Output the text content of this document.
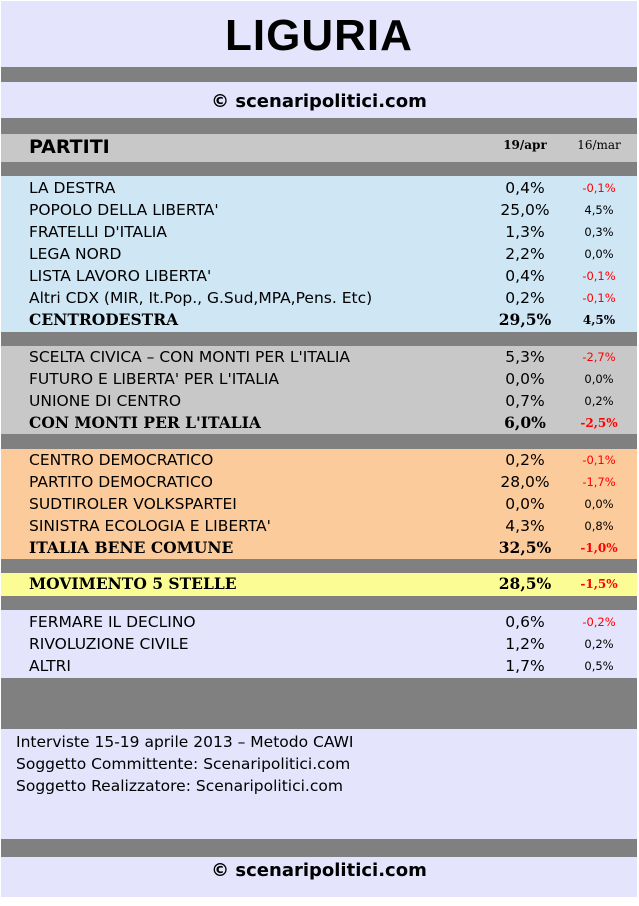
LIGURIA
© scenaripolitici.com
PARTITI	19/apr	16/mar
LA DESTRA	0,4%	-0,1%
POPOLO DELLA LIBERTA'	25,0%	4,5%
FRATELLI D'ITALIA	1,3%	0,3%
LEGA NORD	2,2%	0,0%
LISTA LAVORO LIBERTA'	0,4%	-0,1%
Altri CDX (MIR, It.Pop., G.Sud,MPA,Pens. Etc)	0,2%	-0,1%
CENTRODESTRA	29,5%	4,5%
SCELTA CIVICA – CON MONTI PER L'ITALIA	5,3%	-2,7%
FUTURO E LIBERTA' PER L'ITALIA	0,0%	0,0%
UNIONE DI CENTRO	0,7%	0,2%
CON MONTI PER L'ITALIA	6,0%	-2,5%
CENTRO DEMOCRATICO	0,2%	-0,1%
PARTITO DEMOCRATICO	28,0%	-1,7%
SUDTIROLER VOLKSPARTEI	0,0%	0,0%
SINISTRA ECOLOGIA E LIBERTA'	4,3%	0,8%
ITALIA BENE COMUNE	32,5%	-1,0%
MOVIMENTO 5 STELLE	28,5%	-1,5%
FERMARE IL DECLINO	0,6%	-0,2%
RIVOLUZIONE CIVILE	1,2%	0,2%
ALTRI	1,7%	0,5%
Interviste 15-19 aprile 2013 – Metodo CAWI
Soggetto Committente: Scenaripolitici.com
Soggetto Realizzatore: Scenaripolitici.com
© scenaripolitici.com
